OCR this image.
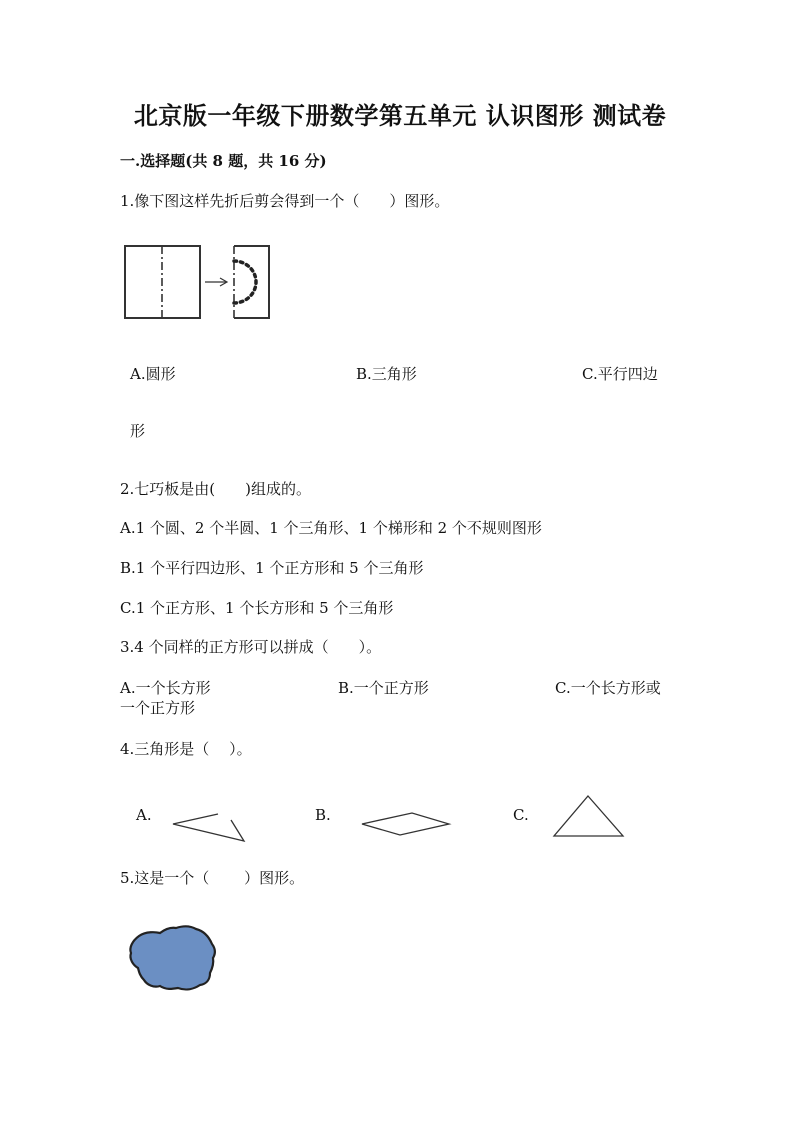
北京版一年级下册数学第五单元 认识图形 测试卷
一.选择题(共 8 题，共 16 分)
1.像下图这样先折后剪会得到一个（　　）图形。
A.圆形	B.三角形	C.平行四边
形
2.七巧板是由(　　)组成的。
A.1 个圆、2 个半圆、1 个三角形、1 个梯形和 2 个不规则图形
B.1 个平行四边形、1 个正方形和 5 个三角形
C.1 个正方形、1 个长方形和 5 个三角形
3.4 个同样的正方形可以拼成（　　）。
A.一个长方形	B.一个正方形	C.一个长方形或
一个正方形
4.三角形是（　 ）。
A.	B.	C.
5.这是一个（　　 ）图形。
